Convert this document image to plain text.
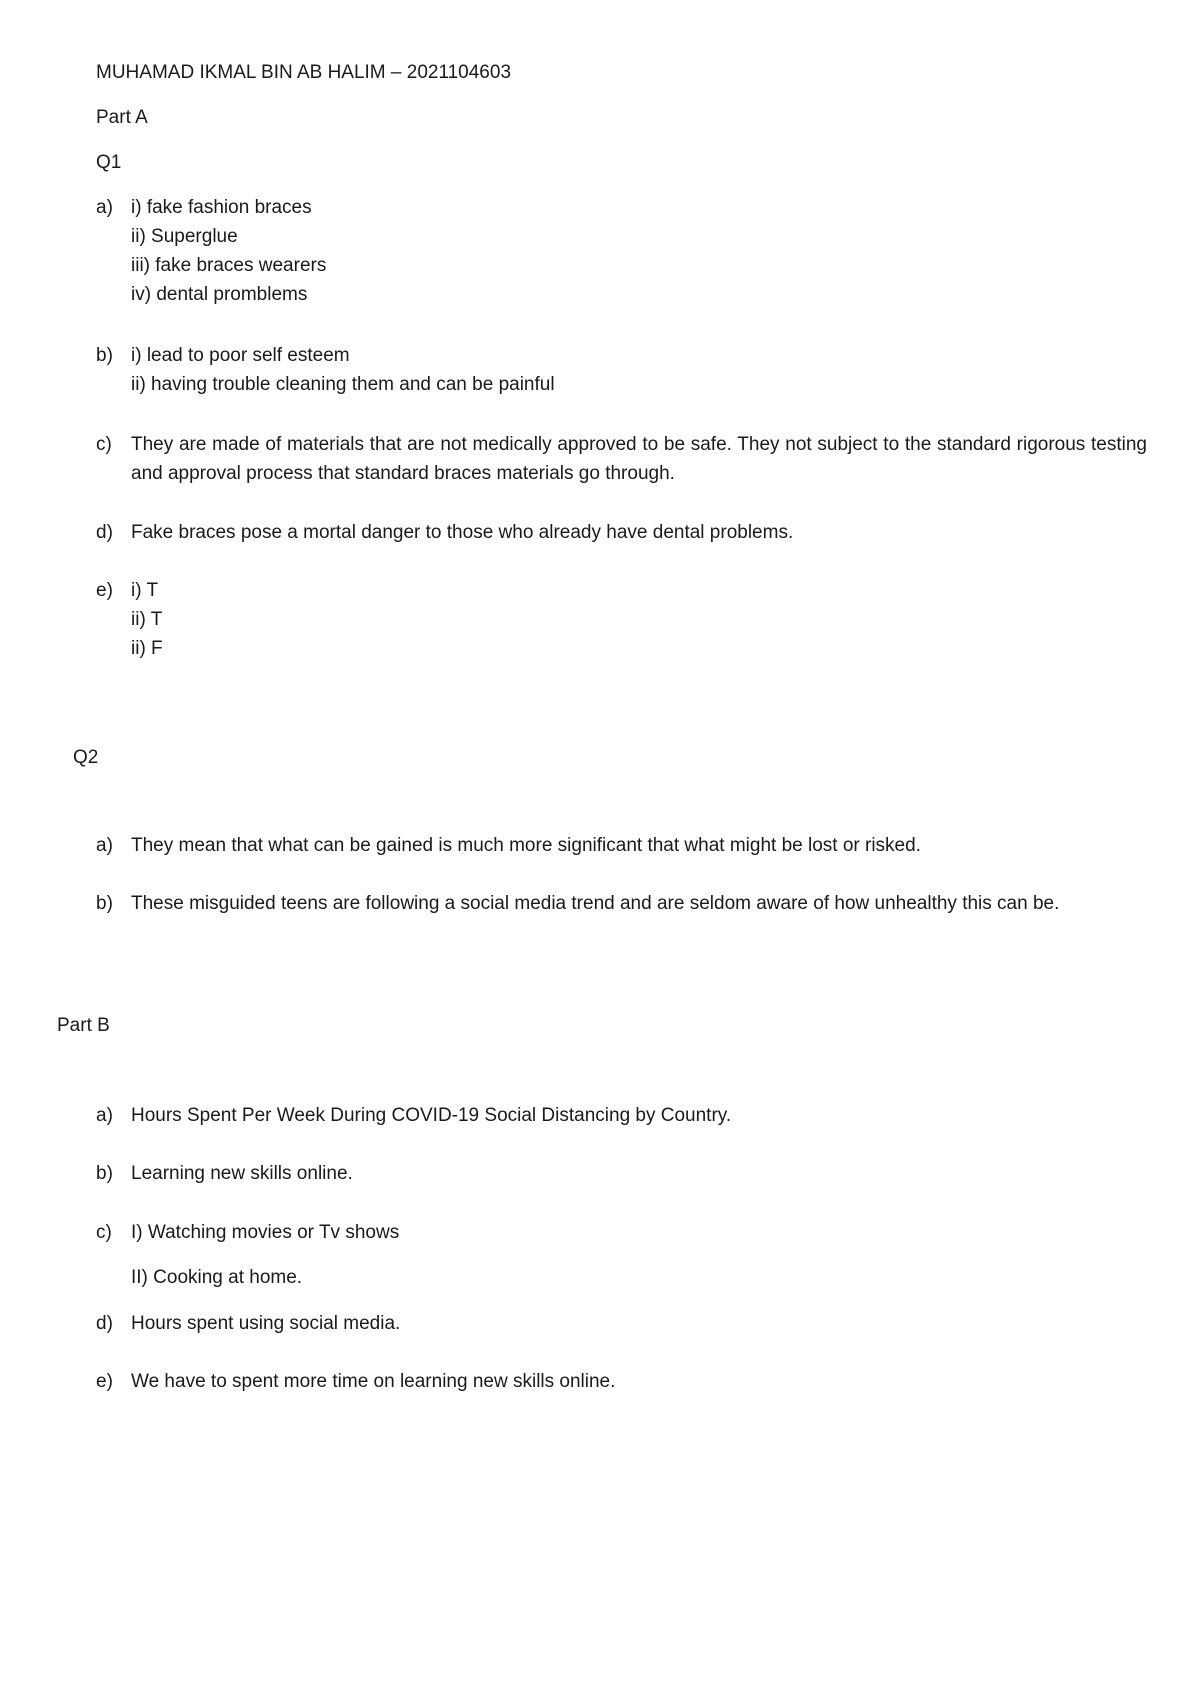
MUHAMAD IKMAL BIN AB HALIM – 2021104603
Part A
Q1
a) i) fake fashion braces
ii) Superglue
iii) fake braces wearers
iv) dental promblems
b) i) lead to poor self esteem
ii) having trouble cleaning them and can be painful
c)	They are made of materials that are not medically approved to be safe. They not subject to the standard rigorous testing and approval process that standard braces materials go through.
d) Fake braces pose a mortal danger to those who already have dental problems.
e) i) T
ii) T
ii) F
Q2
a) They mean that what can be gained is much more significant that what might be lost or risked.
b) These misguided teens are following a social media trend and are seldom aware of how unhealthy this can be.
Part B
a) Hours Spent Per Week During COVID-19 Social Distancing by Country.
b) Learning new skills online.
c)	I) Watching movies or Tv shows
II) Cooking at home.
d) Hours spent using social media.
e) We have to spent more time on learning new skills online.
